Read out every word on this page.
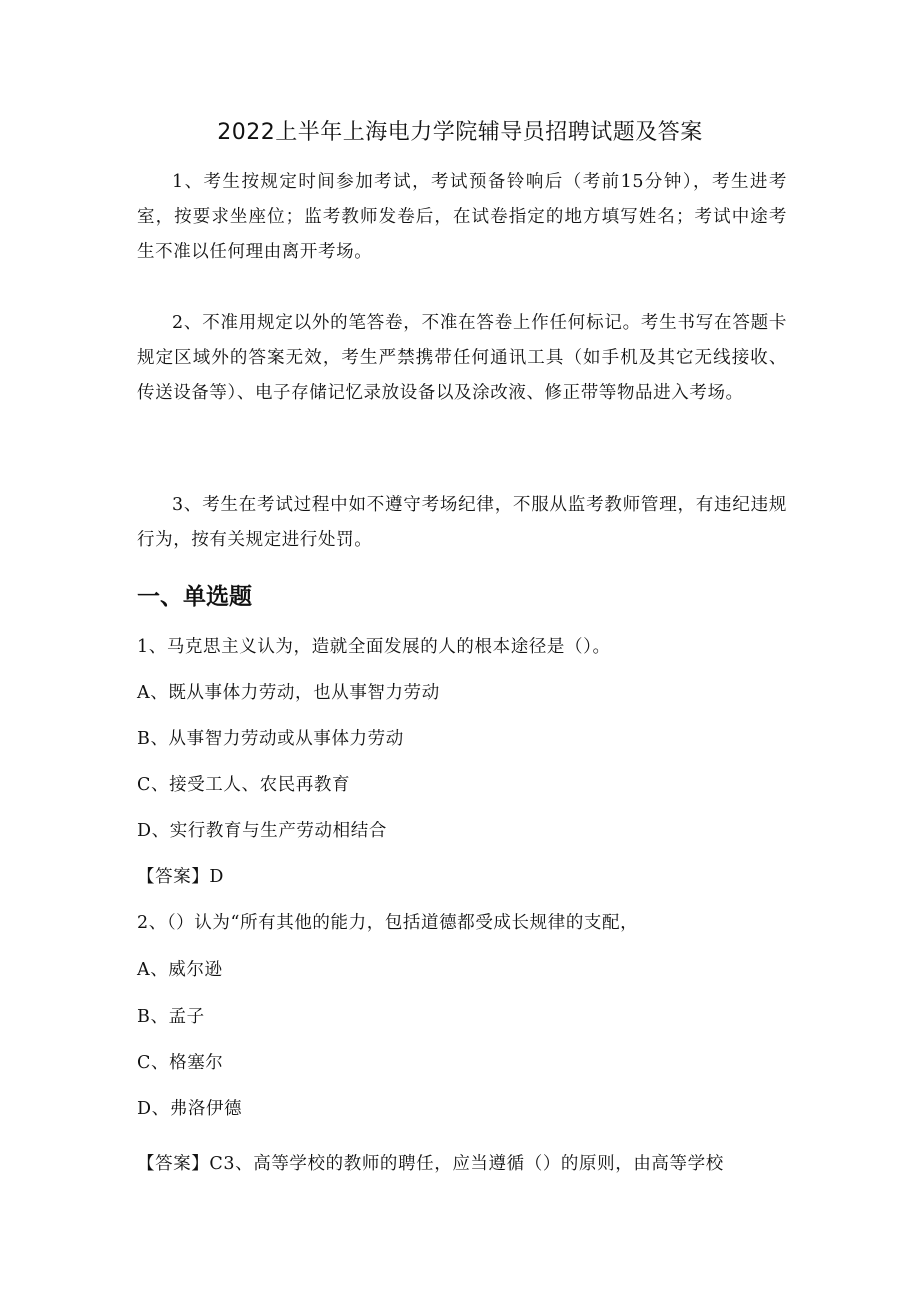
2022上半年上海电力学院辅导员招聘试题及答案

1、考生按规定时间参加考试，考试预备铃响后（考前15分钟），考生进考室，按要求坐座位；监考教师发卷后，在试卷指定的地方填写姓名；考试中途考生不准以任何理由离开考场。

2、不准用规定以外的笔答卷，不准在答卷上作任何标记。考生书写在答题卡规定区域外的答案无效，考生严禁携带任何通讯工具（如手机及其它无线接收、传送设备等）、电子存储记忆录放设备以及涂改液、修正带等物品进入考场。

3、考生在考试过程中如不遵守考场纪律，不服从监考教师管理，有违纪违规行为，按有关规定进行处罚。

一、单选题

1、马克思主义认为，造就全面发展的人的根本途径是（）。

A、既从事体力劳动，也从事智力劳动

B、从事智力劳动或从事体力劳动

C、接受工人、农民再教育

D、实行教育与生产劳动相结合

【答案】D

2、（）认为“所有其他的能力，包括道德都受成长规律的支配，

A、威尔逊

B、孟子

C、格塞尔

D、弗洛伊德

【答案】C3、高等学校的教师的聘任，应当遵循（）的原则，由高等学校
